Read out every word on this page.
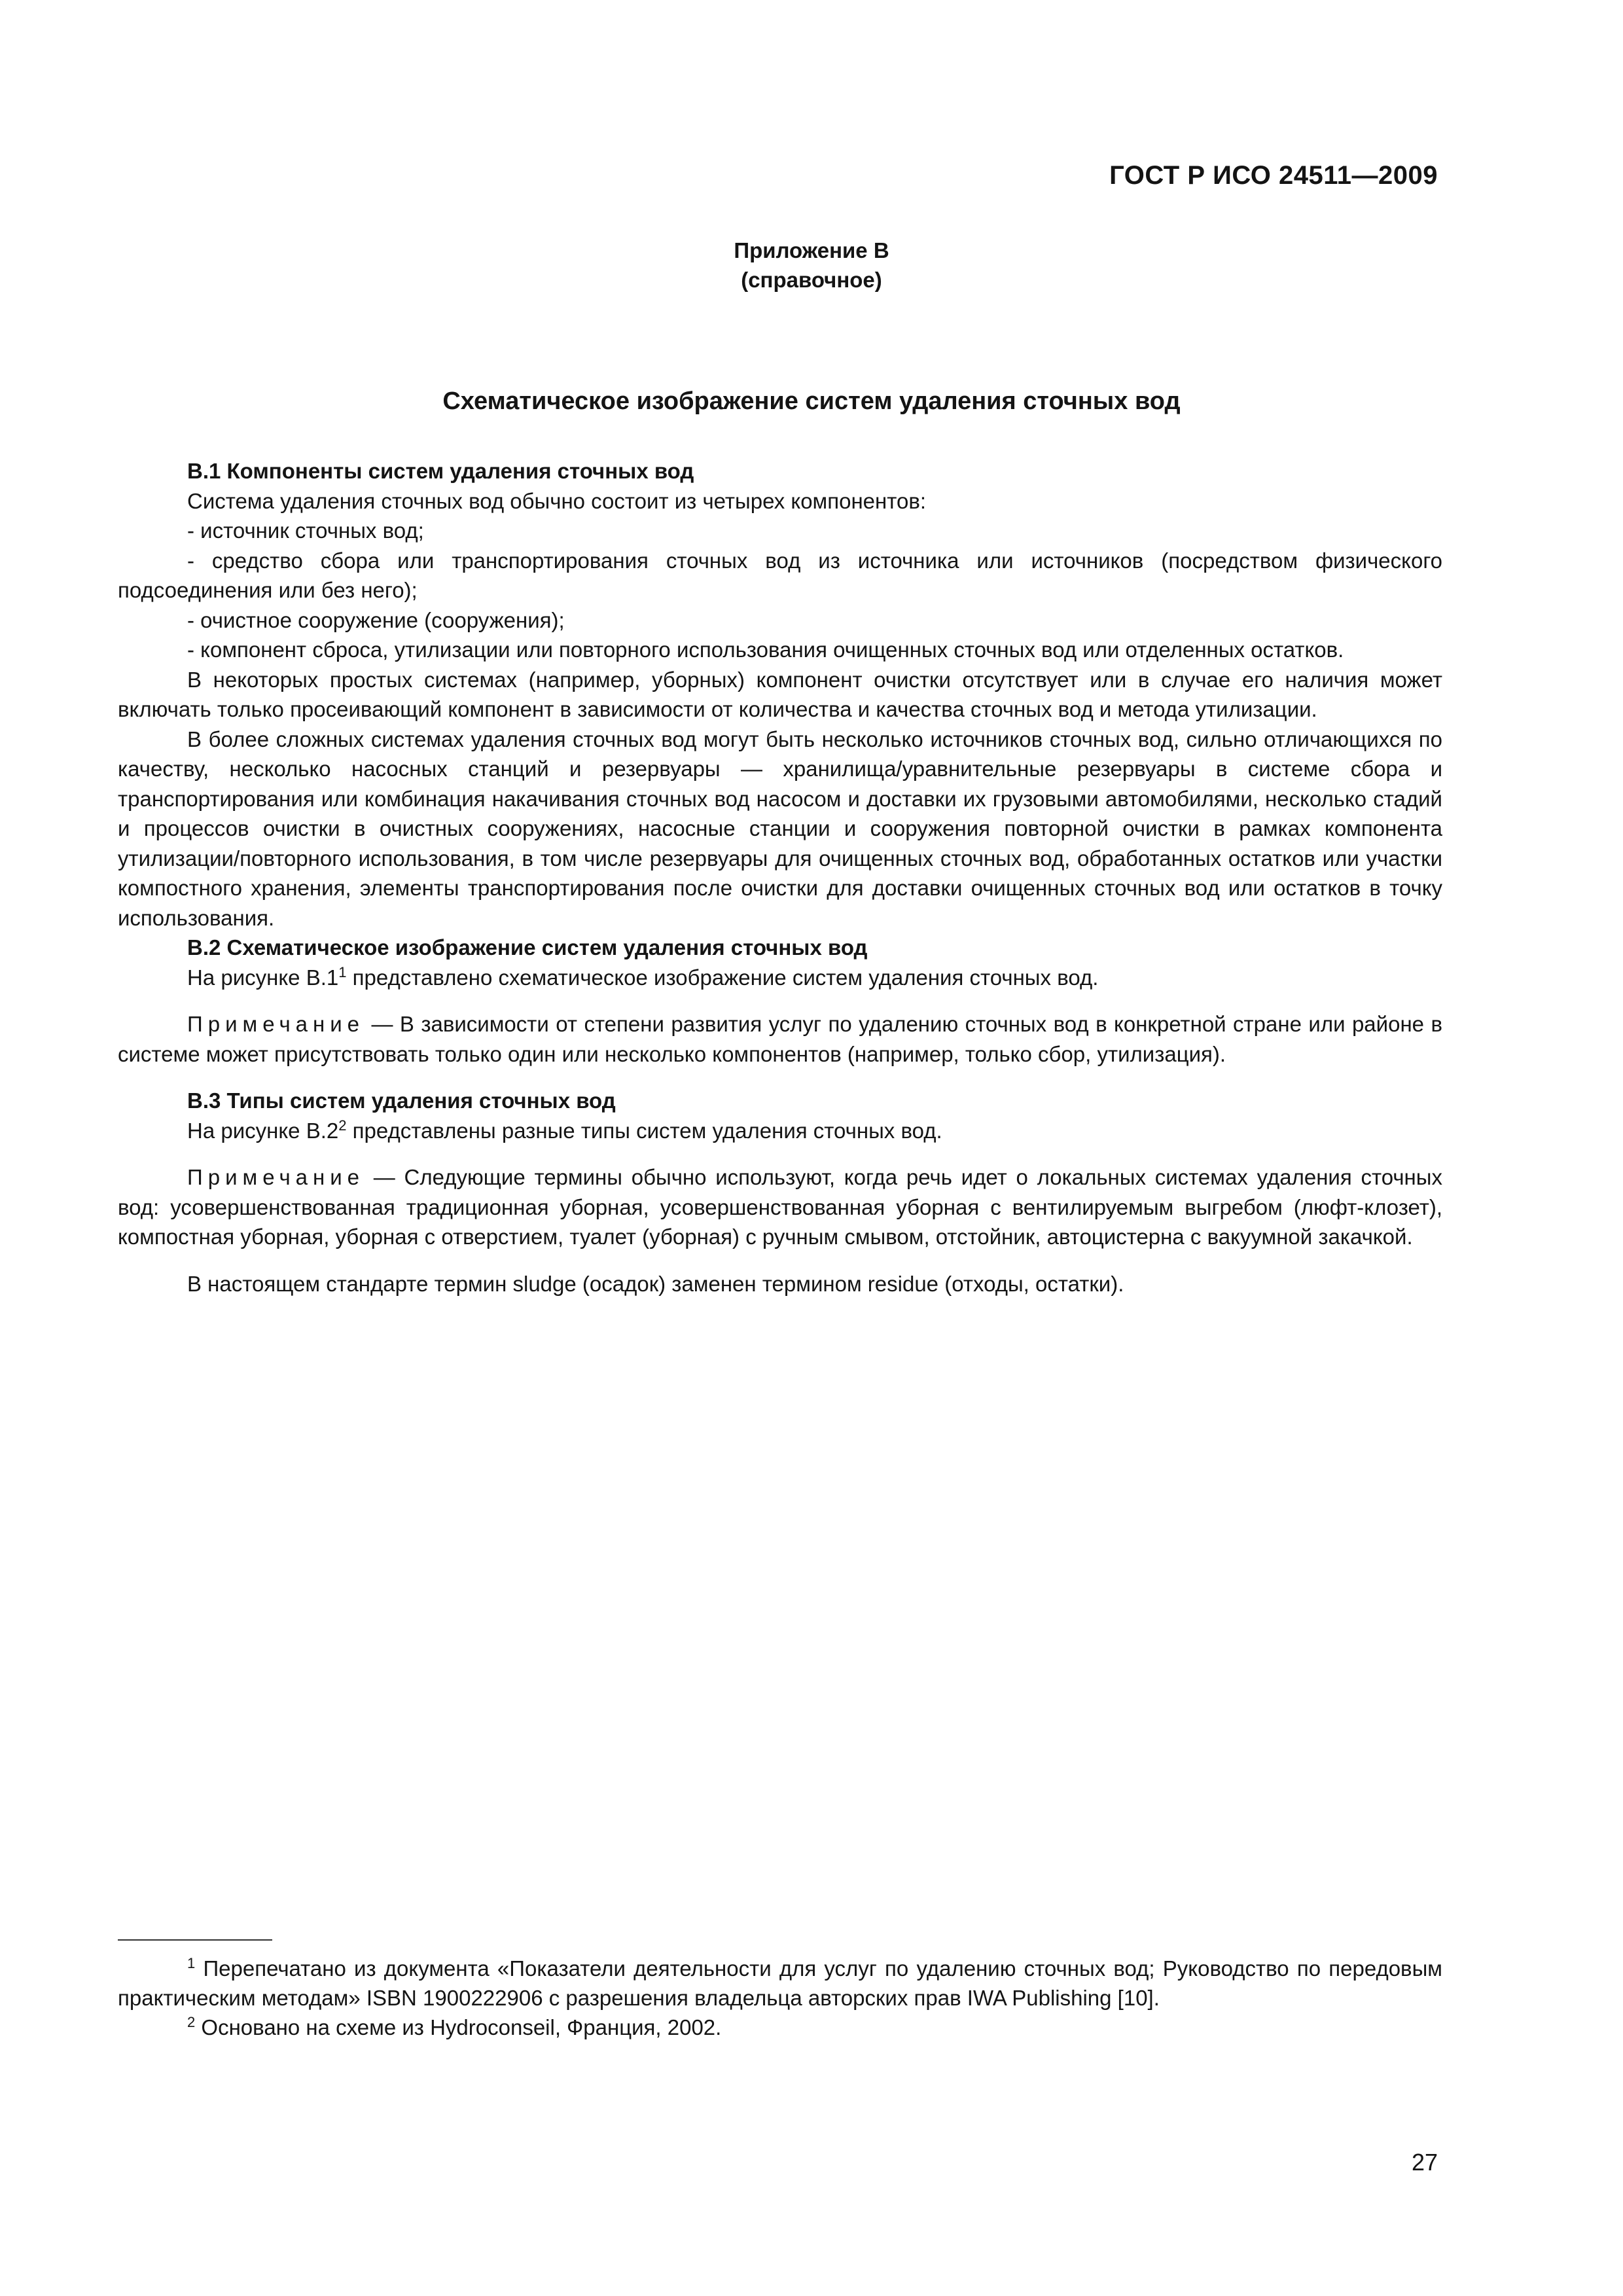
ГОСТ Р ИСО 24511—2009
Приложение В
(справочное)
Схематическое изображение систем удаления сточных вод

В.1 Компоненты систем удаления сточных вод

Система удаления сточных вод обычно состоит из четырех компонентов:

- источник сточных вод;

- средство сбора или транспортирования сточных вод из источника или источников (посредством физического подсоединения или без него);

- очистное сооружение (сооружения);

- компонент сброса, утилизации или повторного использования очищенных сточных вод или отделенных остатков.

В некоторых простых системах (например, уборных) компонент очистки отсутствует или в случае его наличия может включать только просеивающий компонент в зависимости от количества и качества сточных вод и метода утилизации.

В более сложных системах удаления сточных вод могут быть несколько источников сточных вод, сильно отличающихся по качеству, несколько насосных станций и резервуары — хранилища/уравнительные резервуары в системе сбора и транспортирования или комбинация накачивания сточных вод насосом и доставки их грузовыми автомобилями, несколько стадий и процессов очистки в очистных сооружениях, насосные станции и сооружения повторной очистки в рамках компонента утилизации/повторного использования, в том числе резервуары для очищенных сточных вод, обработанных остатков или участки компостного хранения, элементы транспортирования после очистки для доставки очищенных сточных вод или остатков в точку использования.

В.2 Схематическое изображение систем удаления сточных вод

На рисунке $В.1^1$ представлено схематическое изображение систем удаления сточных вод.

Примечание — В зависимости от степени развития услуг по удалению сточных вод в конкретной стране или районе в системе может присутствовать только один или несколько компонентов (например, только сбор, утилизация).

В.3 Типы систем удаления сточных вод

На рисунке $В.2^2$ представлены разные типы систем удаления сточных вод.

Примечание — Следующие термины обычно используют, когда речь идет о локальных системах удаления сточных вод: усовершенствованная традиционная уборная, усовершенствованная уборная с вентилируемым выгребом (люфт-клозет), компостная уборная, уборная с отверстием, туалет (уборная) с ручным смывом, отстойник, автоцистерна с вакуумной закачкой.

В настоящем стандарте термин sludge (осадок) заменен термином residue (отходы, остатки).

$^1$ Перепечатано из документа «Показатели деятельности для услуг по удалению сточных вод; Руководство по передовым практическим методам» ISBN 1900222906 с разрешения владельца авторских прав IWA Publishing [10].

$^2$ Основано на схеме из Hydroconseil, Франция, 2002.

27
